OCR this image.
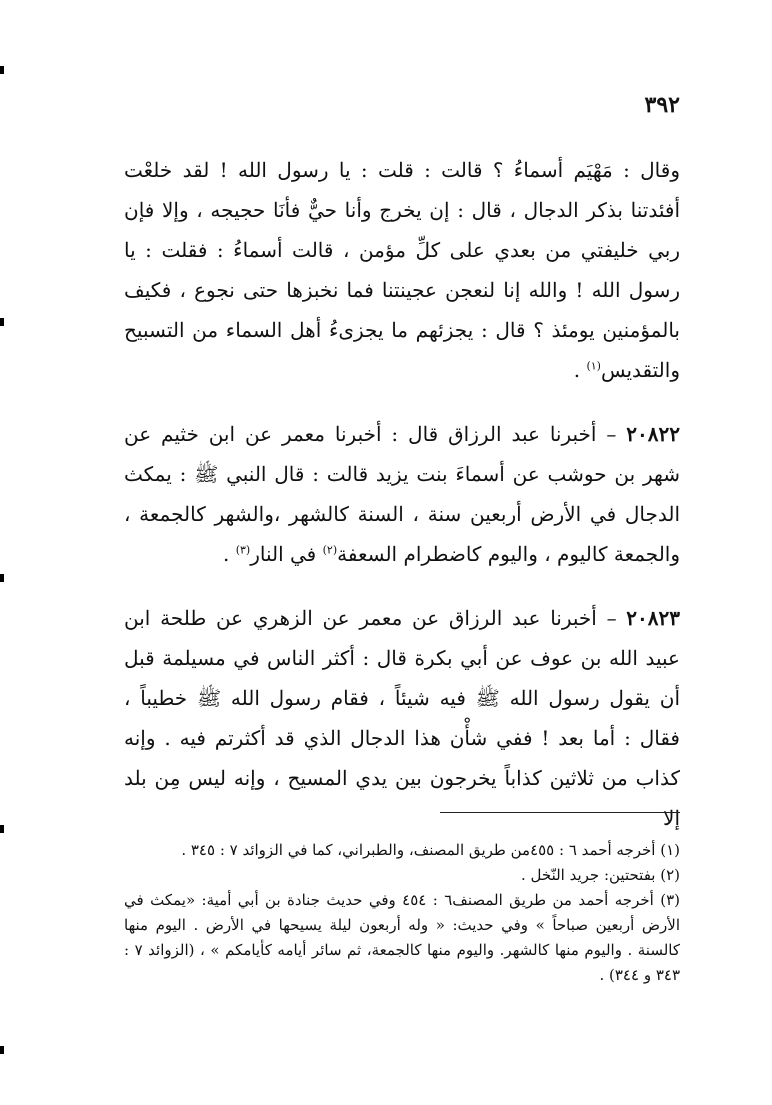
٣٩٢

وقال : مَهْيَم أسماءُ ؟ قالت : قلت : يا رسول الله ! لقد خلعْت أفئدتنا بذكر الدجال ، قال : إن يخرج وأنا حيٌّ فأنَا حجيجه ، وإلا فإن ربي خليفتي من بعدي على كلِّ مؤمن ، قالت أسماءُ : فقلت : يا رسول الله ! والله إنا لنعجن عجينتنا فما نخبزها حتى نجوع ، فكيف بالمؤمنين يومئذ ؟ قال : يجزئهم ما يجزىءُ أهل السماء من التسبيح والتقديس$^{(١)}$ .

٢٠٨٢٢ – أخبرنا عبد الرزاق قال : أخبرنا معمر عن ابن خثيم عن شهر بن حوشب عن أسماءَ بنت يزيد قالت : قال النبي ﷺ : يمكث الدجال في الأرض أربعين سنة ، السنة كالشهر ،والشهر كالجمعة ، والجمعة كاليوم ، واليوم كاضطرام السعفة$^{(٢)}$ في النار$^{(٣)}$ .

٢٠٨٢٣ – أخبرنا عبد الرزاق عن معمر عن الزهري عن طلحة ابن عبيد الله بن عوف عن أبي بكرة قال : أكثر الناس في مسيلمة قبل أن يقول رسول الله ﷺ فيه شيئاً ، فقام رسول الله ﷺ خطيباً ، فقال : أما بعد ! ففي شأْن هذا الدجال الذي قد أكثرتم فيه . وإنه كذاب من ثلاثين كذاباً يخرجون بين يدي المسيح ، وإنه ليس مِن بلد إلا

(١) أخرجه أحمد ٦ : ٤٥٥من طريق المصنف، والطبراني، كما في الزوائد ٧ : ٣٤٥ .

(٢) بفتحتين: جريد النّخل .

(٣) أخرجه أحمد من طريق المصنف٦ : ٤٥٤ وفي حديث جنادة بن أبي أمية: «يمكث في الأرض أربعين صباحاً » وفي حديث: « وله أربعون ليلة يسيحها في الأرض . اليوم منها كالسنة . واليوم منها كالشهر. واليوم منها كالجمعة، ثم سائر أيامه كأيامكم » ، (الزوائد ٧ : ٣٤٣ و ٣٤٤) .
